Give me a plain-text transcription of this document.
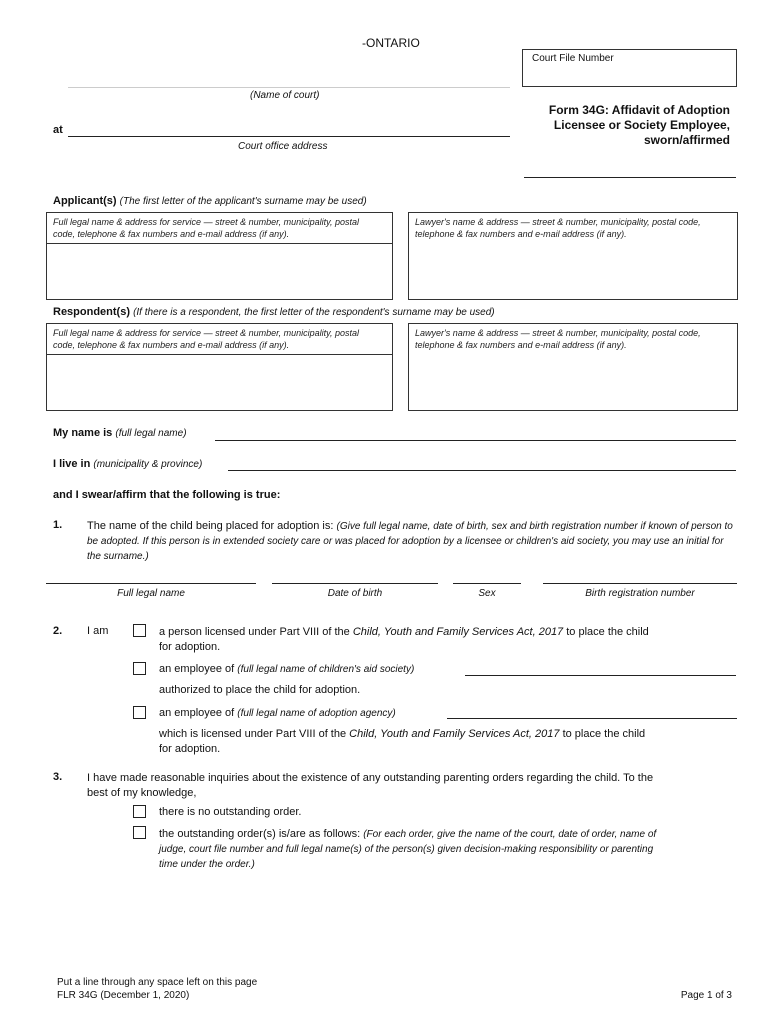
-ONTARIO
Court File Number
(Name of court)
at
Court office address
Form 34G: Affidavit of Adoption Licensee or Society Employee, sworn/affirmed
Applicant(s) (The first letter of the applicant's surname may be used)
Full legal name & address for service — street & number, municipality, postal code, telephone & fax numbers and e-mail address (if any).
Lawyer's name & address — street & number, municipality, postal code, telephone & fax numbers and e-mail address (if any).
Respondent(s) (If there is a respondent, the first letter of the respondent's surname may be used)
Full legal name & address for service — street & number, municipality, postal code, telephone & fax numbers and e-mail address (if any).
Lawyer's name & address — street & number, municipality, postal code, telephone & fax numbers and e-mail address (if any).
My name is (full legal name)
I live in (municipality & province)
and I swear/affirm that the following is true:
1. The name of the child being placed for adoption is: (Give full legal name, date of birth, sex and birth registration number if known of person to be adopted. If this person is in extended society care or was placed for adoption by a licensee or children's aid society, you may use an initial for the surname.)
Full legal name	Date of birth	Sex	Birth registration number
2. I am	a person licensed under Part VIII of the Child, Youth and Family Services Act, 2017 to place the child
for adoption.
an employee of (full legal name of children's aid society)
authorized to place the child for adoption.
an employee of (full legal name of adoption agency)
which is licensed under Part VIII of the Child, Youth and Family Services Act, 2017 to place the child
for adoption.
3. I have made reasonable inquiries about the existence of any outstanding parenting orders regarding the child. To the
best of my knowledge,
there is no outstanding order.
the outstanding order(s) is/are as follows: (For each order, give the name of the court, date of order, name of
judge, court file number and full legal name(s) of the person(s) given decision-making responsibility or parenting
time under the order.)
Put a line through any space left on this page
FLR 34G (December 1, 2020)	Page 1 of 3
